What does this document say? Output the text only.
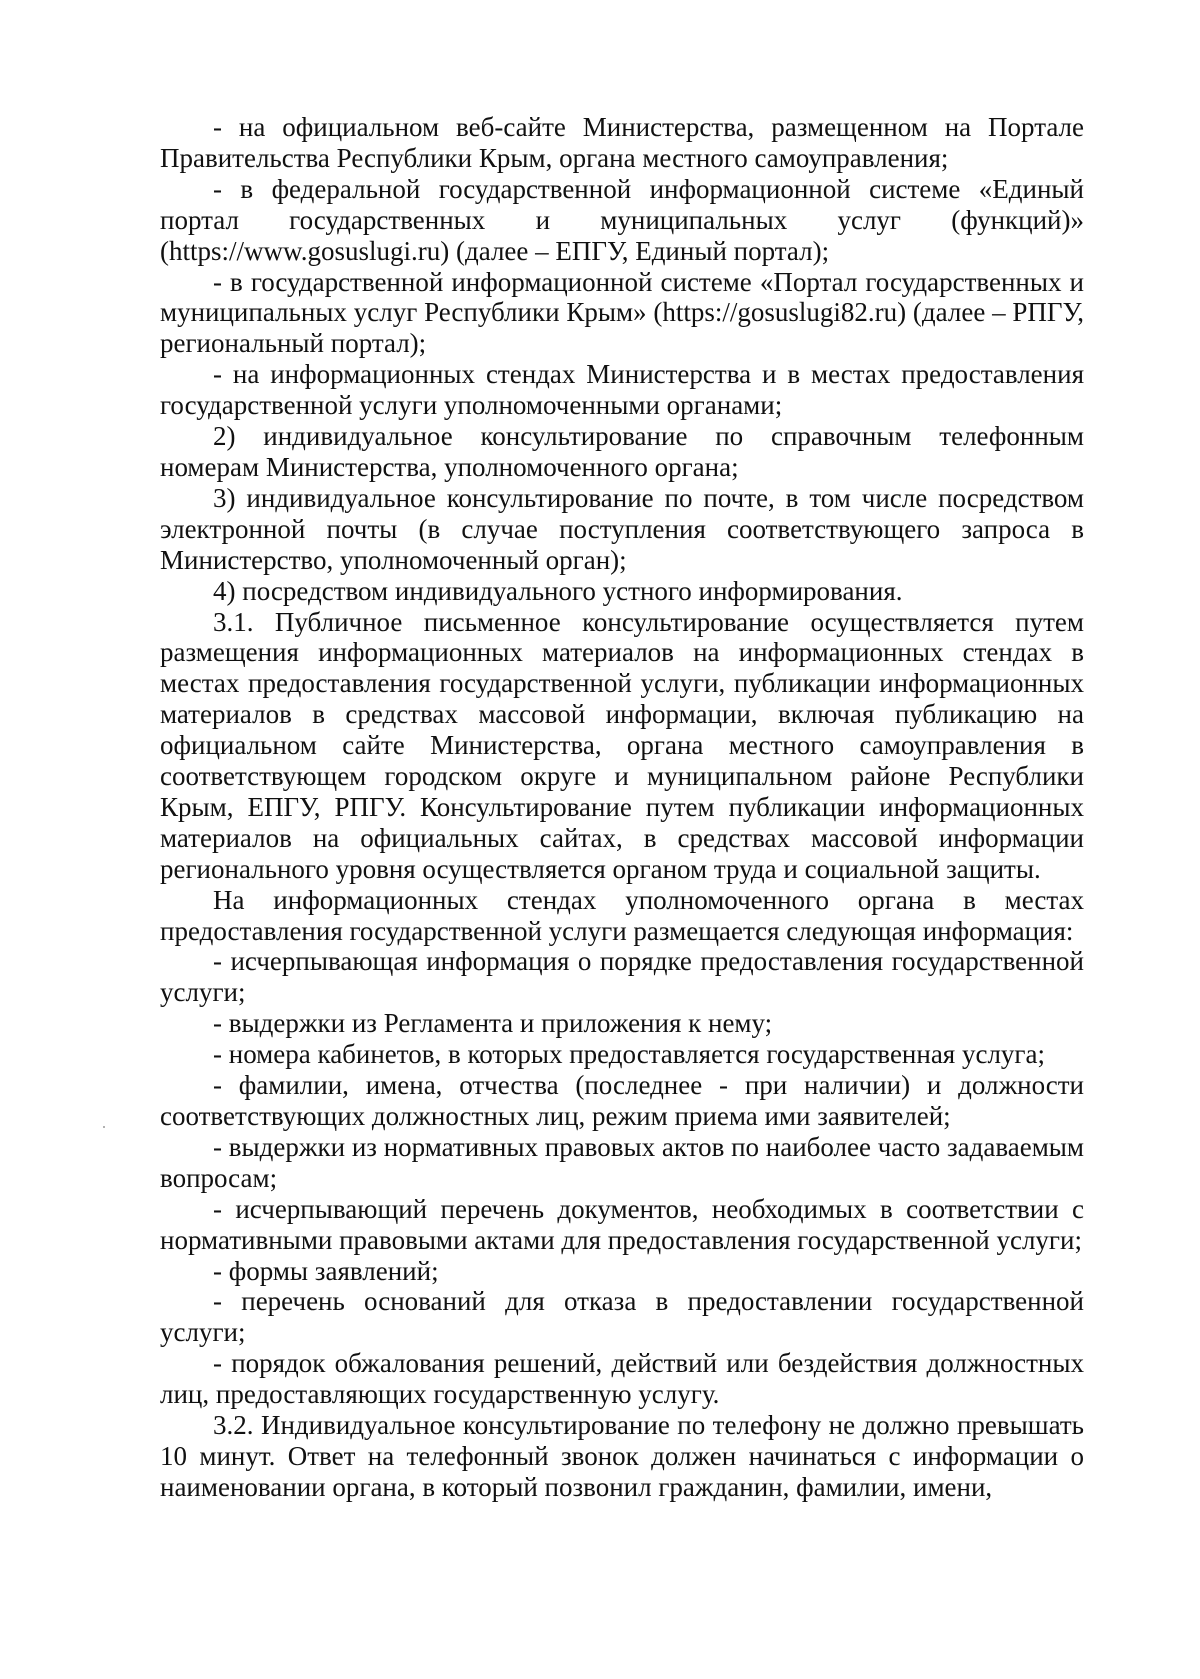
- на официальном веб-сайте Министерства, размещенном на Портале Правительства Республики Крым, органа местного самоуправления;

- в федеральной государственной информационной системе «Единый портал государственных и муниципальных услуг (функций)» (https://www.gosuslugi.ru) (далее – ЕПГУ, Единый портал);

- в государственной информационной системе «Портал государственных и муниципальных услуг Республики Крым» (https://gosuslugi82.ru) (далее – РПГУ, региональный портал);

- на информационных стендах Министерства и в местах предоставления государственной услуги уполномоченными органами;

2) индивидуальное консультирование по справочным телефонным номерам Министерства, уполномоченного органа;

3) индивидуальное консультирование по почте, в том числе посредством электронной почты (в случае поступления соответствующего запроса в Министерство, уполномоченный орган);

4) посредством индивидуального устного информирования.

3.1. Публичное письменное консультирование осуществляется путем размещения информационных материалов на информационных стендах в местах предоставления государственной услуги, публикации информационных материалов в средствах массовой информации, включая публикацию на официальном сайте Министерства, органа местного самоуправления в соответствующем городском округе и муниципальном районе Республики Крым, ЕПГУ, РПГУ. Консультирование путем публикации информационных материалов на официальных сайтах, в средствах массовой информации регионального уровня осуществляется органом труда и социальной защиты.

На информационных стендах уполномоченного органа в местах предоставления государственной услуги размещается следующая информация:

- исчерпывающая информация о порядке предоставления государственной услуги;

- выдержки из Регламента и приложения к нему;

- номера кабинетов, в которых предоставляется государственная услуга;

- фамилии, имена, отчества (последнее - при наличии) и должности соответствующих должностных лиц, режим приема ими заявителей;

- выдержки из нормативных правовых актов по наиболее часто задаваемым вопросам;

- исчерпывающий перечень документов, необходимых в соответствии с нормативными правовыми актами для предоставления государственной услуги;

- формы заявлений;

- перечень оснований для отказа в предоставлении государственной услуги;

- порядок обжалования решений, действий или бездействия должностных лиц, предоставляющих государственную услугу.

3.2. Индивидуальное консультирование по телефону не должно превышать 10 минут. Ответ на телефонный звонок должен начинаться с информации о наименовании органа, в который позвонил гражданин, фамилии, имени,
